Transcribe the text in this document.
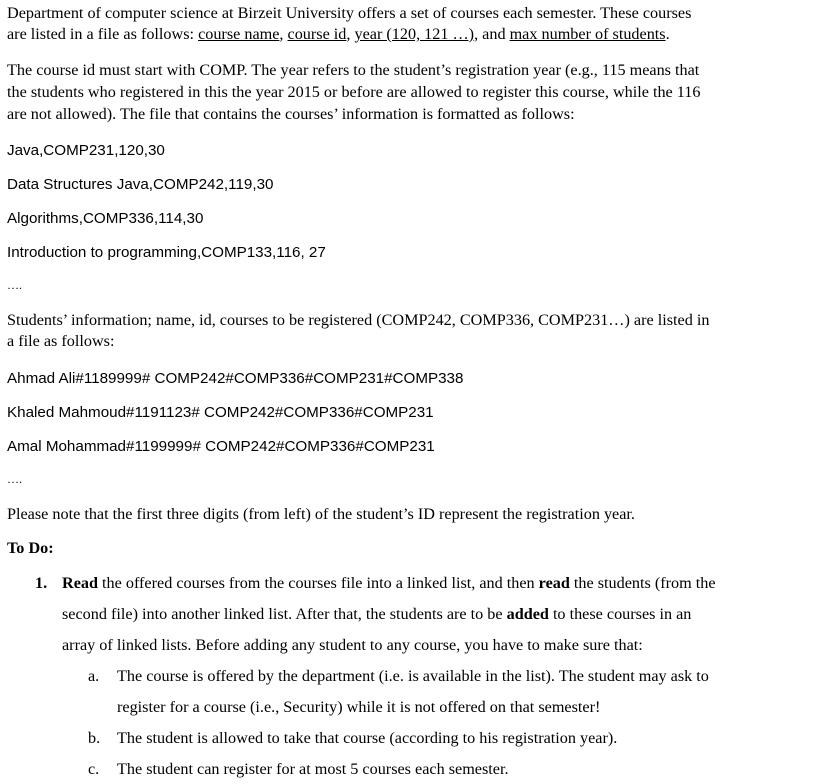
Department of computer science at Birzeit University offers a set of courses each semester. These courses
are listed in a file as follows: course name, course id, year (120, 121 …), and max number of students.
The course id must start with COMP. The year refers to the student’s registration year (e.g., 115 means that
the students who registered in this the year 2015 or before are allowed to register this course, while the 116
are not allowed). The file that contains the courses’ information is formatted as follows:
Java,COMP231,120,30
Data Structures Java,COMP242,119,30
Algorithms,COMP336,114,30
Introduction to programming,COMP133,116, 27
….
Students’ information; name, id, courses to be registered (COMP242, COMP336, COMP231…) are listed in
a file as follows:
Ahmad Ali#1189999# COMP242#COMP336#COMP231#COMP338
Khaled Mahmoud#1191123# COMP242#COMP336#COMP231
Amal Mohammad#1199999# COMP242#COMP336#COMP231
….
Please note that the first three digits (from left) of the student’s ID represent the registration year.
To Do:
1. Read the offered courses from the courses file into a linked list, and then read the students (from the
second file) into another linked list. After that, the students are to be added to these courses in an
array of linked lists. Before adding any student to any course, you have to make sure that:
a. The course is offered by the department (i.e. is available in the list). The student may ask to
register for a course (i.e., Security) while it is not offered on that semester!
b. The student is allowed to take that course (according to his registration year).
c. The student can register for at most 5 courses each semester.
